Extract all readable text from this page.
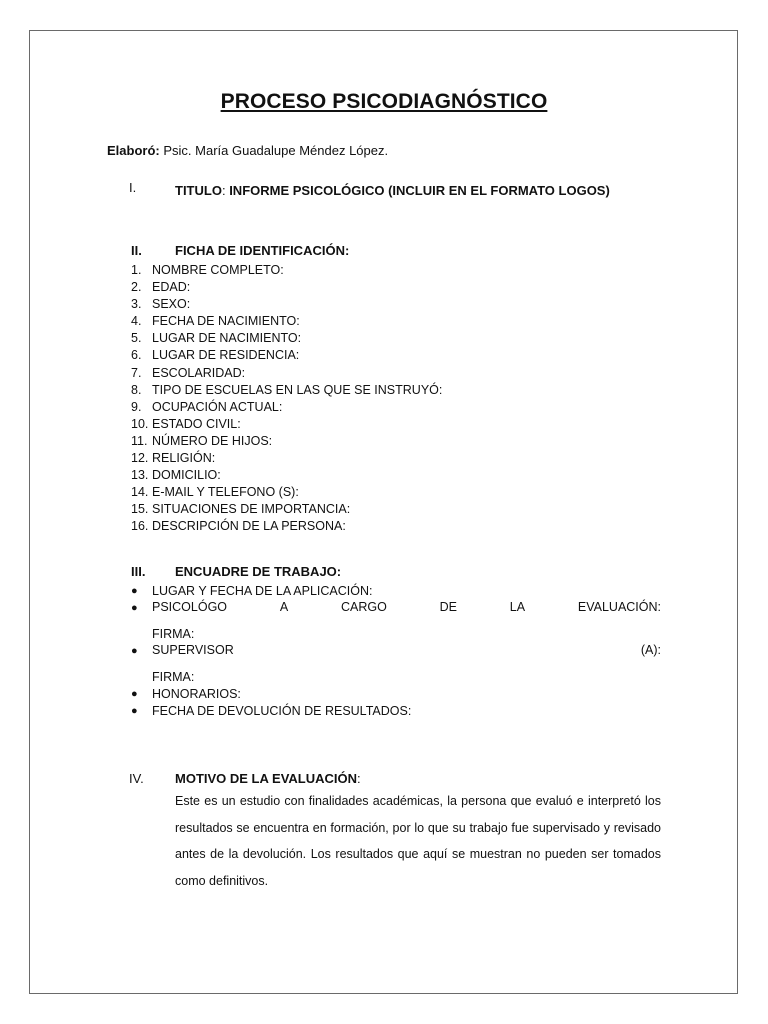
PROCESO PSICODIAGNÓSTICO
Elaboró: Psic. María Guadalupe Méndez López.
I.	TITULO: INFORME PSICOLÓGICO (INCLUIR EN EL FORMATO LOGOS)
II.	FICHA DE IDENTIFICACIÓN:
1. NOMBRE COMPLETO:
2. EDAD:
3. SEXO:
4. FECHA DE NACIMIENTO:
5. LUGAR DE NACIMIENTO:
6. LUGAR DE RESIDENCIA:
7. ESCOLARIDAD:
8. TIPO DE ESCUELAS EN LAS QUE SE INSTRUYÓ:
9. OCUPACIÓN ACTUAL:
10. ESTADO CIVIL:
11. NÚMERO DE HIJOS:
12. RELIGIÓN:
13. DOMICILIO:
14. E-MAIL Y TELEFONO (S):
15. SITUACIONES DE IMPORTANCIA:
16. DESCRIPCIÓN DE LA PERSONA:
III. ENCUADRE DE TRABAJO:
●	LUGAR Y FECHA DE LA APLICACIÓN:
●	PSICOLÓGO	A	CARGO	DE	LA	EVALUACIÓN:
FIRMA:
●	SUPERVISOR	(A):
FIRMA:
●	HONORARIOS:
●	FECHA DE DEVOLUCIÓN DE RESULTADOS:
IV. MOTIVO DE LA EVALUACIÓN:
Este es un estudio con finalidades académicas, la persona que evaluó e interpretó los resultados se encuentra en formación, por lo que su trabajo fue supervisado y revisado antes de la devolución. Los resultados que aquí se muestran no pueden ser tomados como definitivos.
